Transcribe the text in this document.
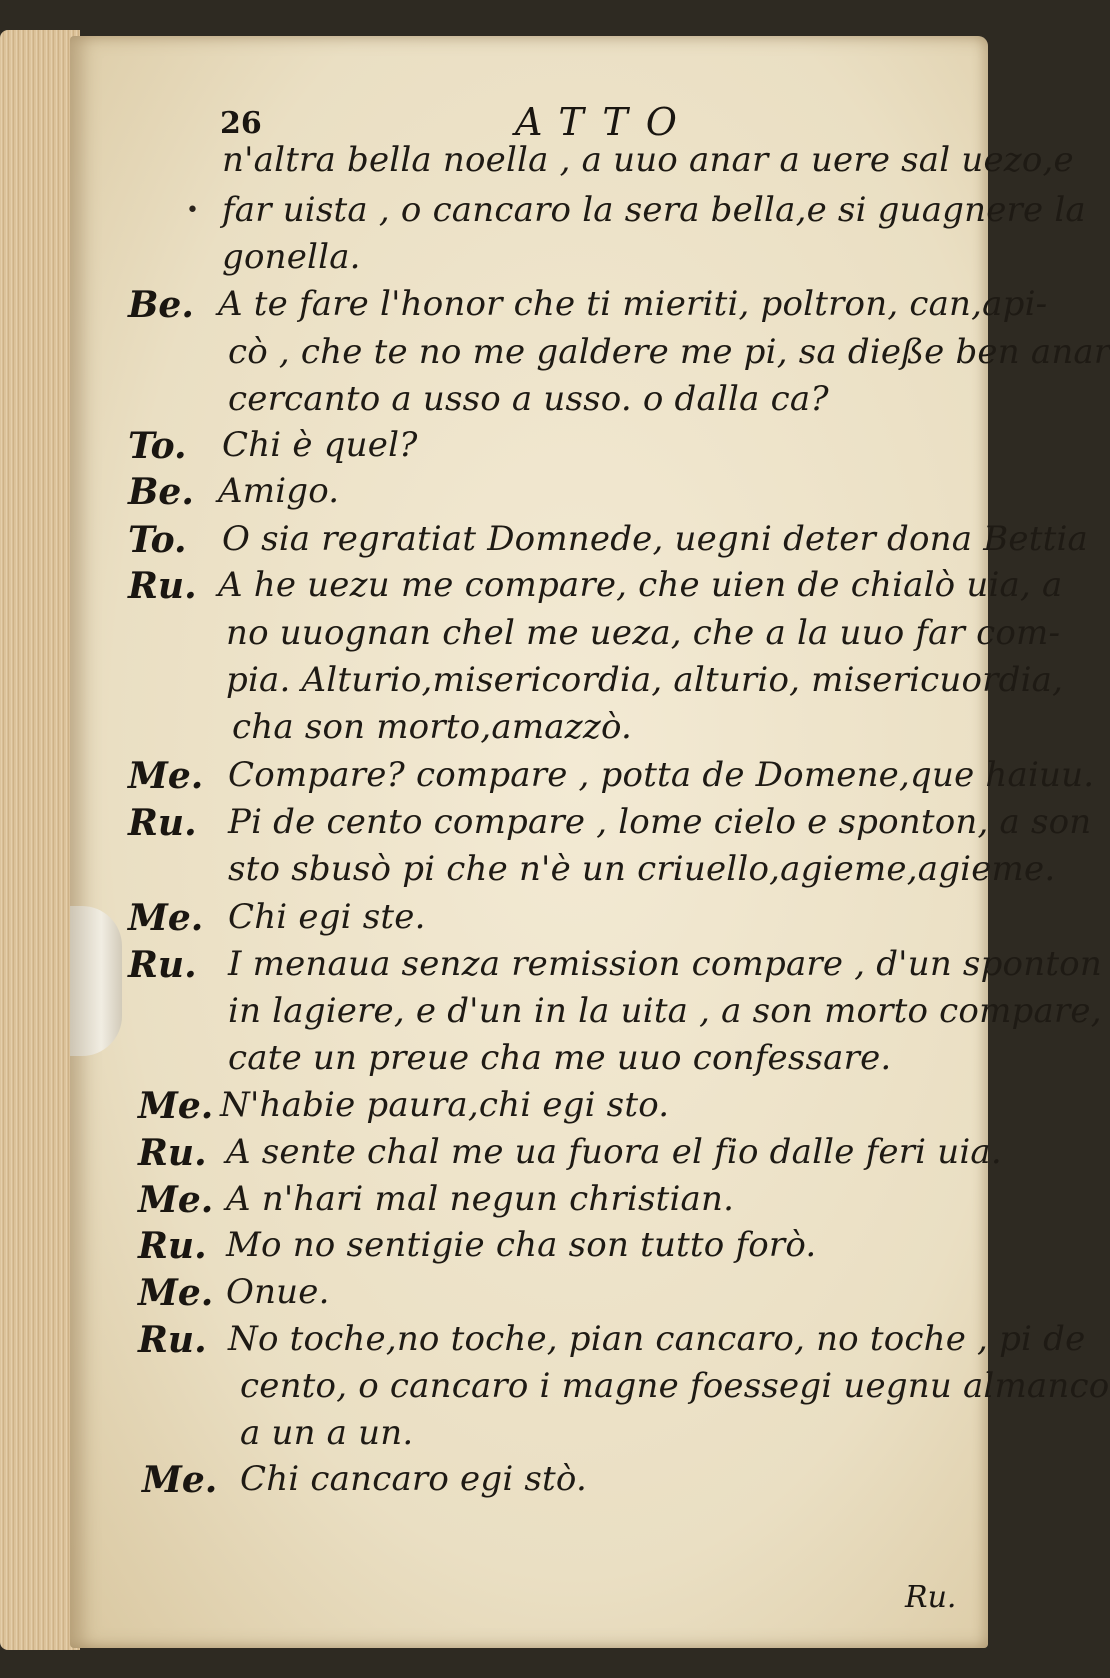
26	ATTO
•
n'altra bella noella , a uuo anar a uere sal uezo,e
far uista , o cancaro la sera bella,e si guagnere la
gonella.
Be. A te fare l'honor che ti mieriti, poltron, can,api-
cò , che te no me galdere me pi, sa dieße ben anar
cercanto a usso a usso. o dalla ca?
To. Chi è quel?
Be. Amigo.
To. O sia regratiat Domnede, uegni deter dona Bettia
Ru. A he uezu me compare, che uien de chialò uia, a
no uuognan chel me ueza, che a la uuo far com-
pia. Alturio,misericordia, alturio, misericuordia,
cha son morto,amazzò.
Me. Compare? compare , potta de Domene,que haiuu.
Ru. Pi de cento compare , lome cielo e sponton, a son
sto sbusò pi che n'è un criuello,agieme,agieme.
Me. Chi egi ste.
Ru. I menaua senza remission compare , d'un sponton
in lagiere, e d'un in la uita , a son morto compare,
cate un preue cha me uuo confessare.
Me. N'habie paura,chi egi sto.
Ru. A sente chal me ua fuora el fio dalle feri uia.
Me. A n'hari mal negun christian.
Ru. Mo no sentigie cha son tutto forò.
Me. Onue.
Ru. No toche,no toche, pian cancaro, no toche , pi de
cento, o cancaro i magne foessegi uegnu almanco
a un a un.
Me. Chi cancaro egi stò.
Ru.
